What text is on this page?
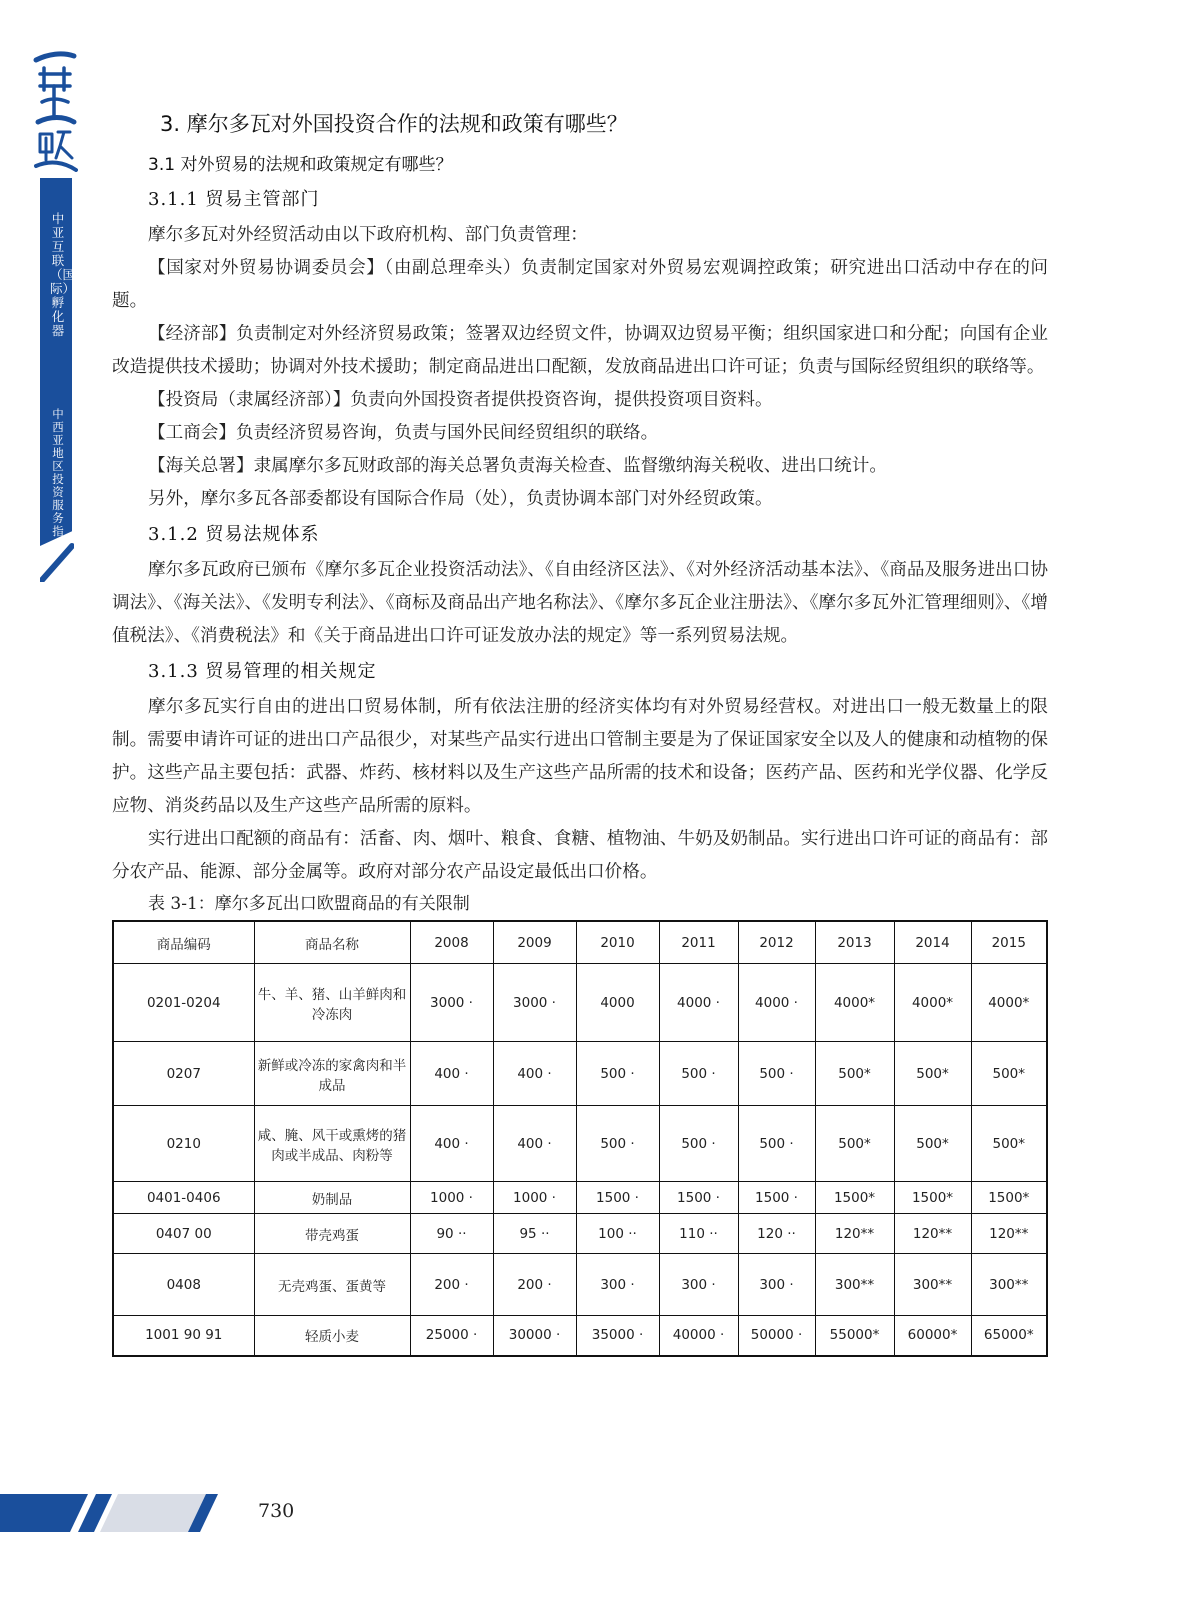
中亚互联（国际）孵化器
中西亚地区投资服务指南
3. 摩尔多瓦对外国投资合作的法规和政策有哪些？
3.1 对外贸易的法规和政策规定有哪些？
3.1.1 贸易主管部门

摩尔多瓦对外经贸活动由以下政府机构、部门负责管理：

【国家对外贸易协调委员会】（由副总理牵头）负责制定国家对外贸易宏观调控政策；研究进出口活动中存在的问题。

【经济部】负责制定对外经济贸易政策；签署双边经贸文件，协调双边贸易平衡；组织国家进口和分配；向国有企业改造提供技术援助；协调对外技术援助；制定商品进出口配额，发放商品进出口许可证；负责与国际经贸组织的联络等。

【投资局（隶属经济部）】负责向外国投资者提供投资咨询，提供投资项目资料。

【工商会】负责经济贸易咨询，负责与国外民间经贸组织的联络。

【海关总署】隶属摩尔多瓦财政部的海关总署负责海关检查、监督缴纳海关税收、进出口统计。

另外，摩尔多瓦各部委都设有国际合作局（处），负责协调本部门对外经贸政策。

3.1.2 贸易法规体系

摩尔多瓦政府已颁布《摩尔多瓦企业投资活动法》、《自由经济区法》、《对外经济活动基本法》、《商品及服务进出口协调法》、《海关法》、《发明专利法》、《商标及商品出产地名称法》、《摩尔多瓦企业注册法》、《摩尔多瓦外汇管理细则》、《增值税法》、《消费税法》和《关于商品进出口许可证发放办法的规定》等一系列贸易法规。

3.1.3 贸易管理的相关规定

摩尔多瓦实行自由的进出口贸易体制，所有依法注册的经济实体均有对外贸易经营权。对进出口一般无数量上的限制。需要申请许可证的进出口产品很少，对某些产品实行进出口管制主要是为了保证国家安全以及人的健康和动植物的保护。这些产品主要包括：武器、炸药、核材料以及生产这些产品所需的技术和设备；医药产品、医药和光学仪器、化学反应物、消炎药品以及生产这些产品所需的原料。

实行进出口配额的商品有：活畜、肉、烟叶、粮食、食糖、植物油、牛奶及奶制品。实行进出口许可证的商品有：部分农产品、能源、部分金属等。政府对部分农产品设定最低出口价格。

表 3-1：摩尔多瓦出口欧盟商品的有关限制
商品编码	商品名称	2008	2009	2010	2011	2012	2013	2014	2015
0201-0204	牛、羊、猪、山羊鲜肉和冷冻肉	3000 ·	3000 ·	4000	4000 ·	4000 ·	4000*	4000*	4000*
0207	新鲜或冷冻的家禽肉和半成品	400 ·	400 ·	500 ·	500 ·	500 ·	500*	500*	500*
0210	咸、腌、风干或熏烤的猪肉或半成品、肉粉等	400 ·	400 ·	500 ·	500 ·	500 ·	500*	500*	500*
0401-0406	奶制品	1000 ·	1000 ·	1500 ·	1500 ·	1500 ·	1500*	1500*	1500*
0407 00	带壳鸡蛋	90 ··	95 ··	100 ··	110 ··	120 ··	120**	120**	120**
0408	无壳鸡蛋、蛋黄等	200 ·	200 ·	300 ·	300 ·	300 ·	300**	300**	300**
1001 90 91	轻质小麦	25000 ·	30000 ·	35000 ·	40000 ·	50000 ·	55000*	60000*	65000*
730
